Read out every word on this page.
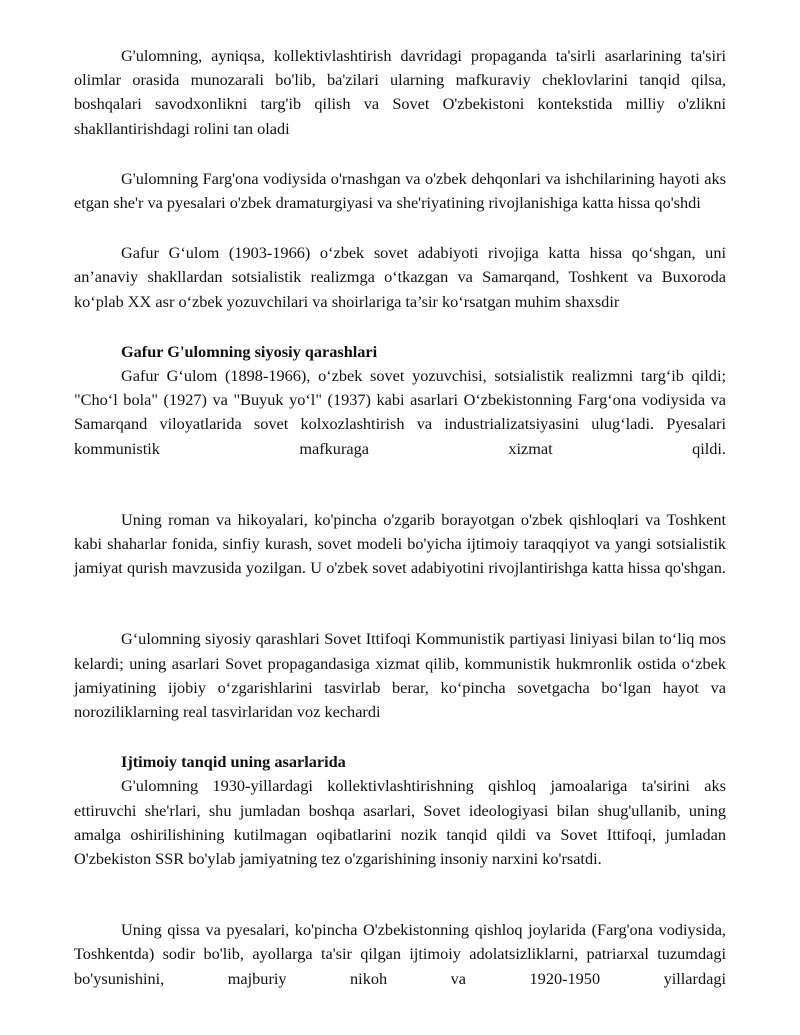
G'ulomning, ayniqsa, kollektivlashtirish davridagi propaganda ta'sirli asarlarining ta'siri olimlar orasida munozarali bo'lib, ba'zilari ularning mafkuraviy cheklovlarini tanqid qilsa, boshqalari savodxonlikni targ'ib qilish va Sovet O'zbekistoni kontekstida milliy o'zlikni shakllantirishdagi rolini tan oladi

G'ulomning Farg'ona vodiysida o'rnashgan va o'zbek dehqonlari va ishchilarining hayoti aks etgan she'r va pyesalari o'zbek dramaturgiyasi va she'riyatining rivojlanishiga katta hissa qo'shdi

Gafur G‘ulom (1903-1966) o‘zbek sovet adabiyoti rivojiga katta hissa qo‘shgan, uni an’anaviy shakllardan sotsialistik realizmga o‘tkazgan va Samarqand, Toshkent va Buxoroda ko‘plab XX asr o‘zbek yozuvchilari va shoirlariga ta’sir ko‘rsatgan muhim shaxsdir

Gafur G'ulomning siyosiy qarashlari

Gafur G‘ulom (1898-1966), o‘zbek sovet yozuvchisi, sotsialistik realizmni targ‘ib qildi; "Cho‘l bola" (1927) va "Buyuk yo‘l" (1937) kabi asarlari O‘zbekistonning Farg‘ona vodiysida va Samarqand viloyatlarida sovet kolxozlashtirish va industrializatsiyasini ulug‘ladi. Pyesalari kommunistik mafkuraga xizmat qildi.

Uning roman va hikoyalari, ko'pincha o'zgarib borayotgan o'zbek qishloqlari va Toshkent kabi shaharlar fonida, sinfiy kurash, sovet modeli bo'yicha ijtimoiy taraqqiyot va yangi sotsialistik jamiyat qurish mavzusida yozilgan. U o'zbek sovet adabiyotini rivojlantirishga katta hissa qo'shgan.

G‘ulomning siyosiy qarashlari Sovet Ittifoqi Kommunistik partiyasi liniyasi bilan to‘liq mos kelardi; uning asarlari Sovet propagandasiga xizmat qilib, kommunistik hukmronlik ostida o‘zbek jamiyatining ijobiy o‘zgarishlarini tasvirlab berar, ko‘pincha sovetgacha bo‘lgan hayot va noroziliklarning real tasvirlaridan voz kechardi

Ijtimoiy tanqid uning asarlarida

G'ulomning 1930-yillardagi kollektivlashtirishning qishloq jamoalariga ta'sirini aks ettiruvchi she'rlari, shu jumladan boshqa asarlari, Sovet ideologiyasi bilan shug'ullanib, uning amalga oshirilishining kutilmagan oqibatlarini nozik tanqid qildi va Sovet Ittifoqi, jumladan O'zbekiston SSR bo'ylab jamiyatning tez o'zgarishining insoniy narxini ko'rsatdi.

Uning qissa va pyesalari, ko'pincha O'zbekistonning qishloq joylarida (Farg'ona vodiysida, Toshkentda) sodir bo'lib, ayollarga ta'sir qilgan ijtimoiy adolatsizliklarni, patriarxal tuzumdagi bo'ysunishini, majburiy nikoh va 1920-1950 yillardagi
